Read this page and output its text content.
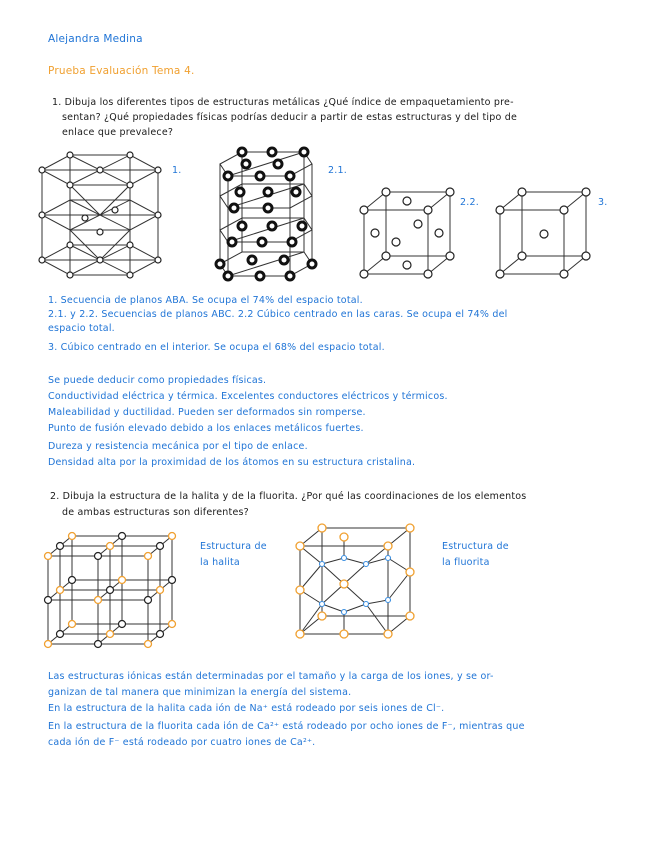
Alejandra Medina
Prueba Evaluación Tema 4.
1. Dibuja los diferentes tipos de estructuras metálicas ¿Qué índice de empaquetamiento pre-
sentan? ¿Qué propiedades físicas podrías deducir a partir de estas estructuras y del tipo de
enlace que prevalece?
1.	2.1.
2.2.	3.
1. Secuencia de planos ABA. Se ocupa el 74% del espacio total.
2.1. y 2.2. Secuencias de planos ABC. 2.2 Cúbico centrado en las caras. Se ocupa el 74% del
espacio total.
3. Cúbico centrado en el interior. Se ocupa el 68% del espacio total.
Se puede deducir como propiedades físicas.
Conductividad eléctrica y térmica. Excelentes conductores eléctricos y térmicos.
Maleabilidad y ductilidad. Pueden ser deformados sin romperse.
Punto de fusión elevado debido a los enlaces metálicos fuertes.
Dureza y resistencia mecánica por el tipo de enlace.
Densidad alta por la proximidad de los átomos en su estructura cristalina.
2. Dibuja la estructura de la halita y de la fluorita. ¿Por qué las coordinaciones de los elementos
de ambas estructuras son diferentes?
Estructura de
la halita
Estructura de
la fluorita
Las estructuras iónicas están determinadas por el tamaño y la carga de los iones, y se or-
ganizan de tal manera que minimizan la energía del sistema.
En la estructura de la halita cada ión de Na⁺ está rodeado por seis iones de Cl⁻.
En la estructura de la fluorita cada ión de Ca²⁺ está rodeado por ocho iones de F⁻, mientras que
cada ión de F⁻ está rodeado por cuatro iones de Ca²⁺.
